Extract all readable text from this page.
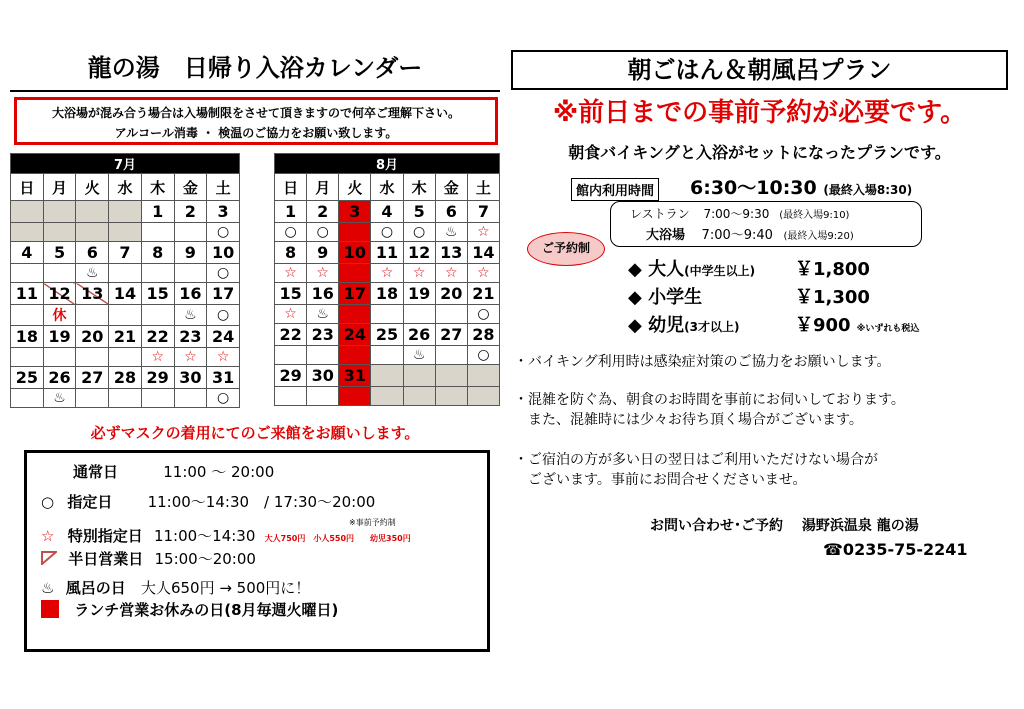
龍の湯　日帰り入浴カレンダー
大浴場が混み合う場合は入場制限をさせて頂きますので何卒ご理解下さい。
アルコール消毒 ・ 検温のご協力をお願い致します。
7月						
日	月	火	水	木	金	土
				1	2	3
						○
4	5	6	7	8	9	10
		♨				○
11	12	13	14	15	16	17
	休				♨	○
18	19	20	21	22	23	24
				☆	☆	☆
25	26	27	28	29	30	31
	♨					○
8月						
日	月	火	水	木	金	土
1	2	3	4	5	6	7
○	○		○	○	♨	☆
8	9	10	11	12	13	14
☆	☆		☆	☆	☆	☆
15	16	17	18	19	20	21
☆	♨					○
22	23	24	25	26	27	28
				♨		○
29	30	31				

必ずマスクの着用にてのご来館をお願いします。
通常日	11:00 ～ 20:00
○ 指定日 11:00～14:30　/ 17:30～20:00
※事前予約制
☆ 特別指定日 11:00～14:30 大人750円　小人550円　　幼児350円
半日営業日 15:00～20:00
♨ 風呂の日 大人650円 → 500円に！
ランチ営業お休みの日(8月毎週火曜日)
朝ごはん＆朝風呂プラン
※前日までの事前予約が必要です。
朝食バイキングと入浴がセットになったプランです。
館内利用時間 6:30～10:30 (最終入場8:30)
レストラン 7:00～9:30 (最終入場9:10)
大浴場 7:00～9:40 (最終入場9:20)
ご予約制
◆ 大人(中学生以上) ￥1,800
◆ 小学生	￥1,300
◆ 幼児(3才以上)	￥900 ※いずれも税込
・バイキング利用時は感染症対策のご協力をお願いします。
・混雑を防ぐ為、朝食のお時間を事前にお伺いしております。
　また、混雑時には少々お待ち頂く場合がございます。
・ご宿泊の方が多い日の翌日はご利用いただけない場合が
　ございます。事前にお問合せくださいませ。
お問い合わせ･ご予約　 湯野浜温泉 龍の湯
☎0235-75-2241
